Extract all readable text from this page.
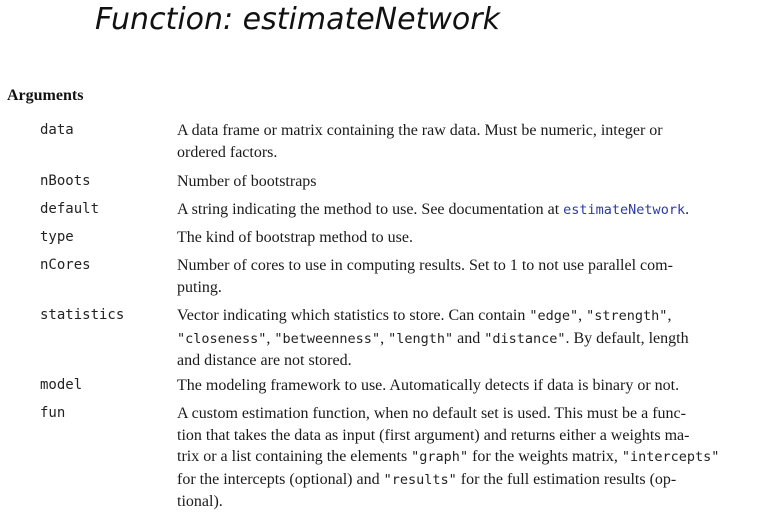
Function: estimateNetwork
Arguments
data	A data frame or matrix containing the raw data. Must be numeric, integer or
ordered factors.
nBoots	Number of bootstraps
default	A string indicating the method to use. See documentation at estimateNetwork.
type	The kind of bootstrap method to use.
nCores	Number of cores to use in computing results. Set to 1 to not use parallel com-
puting.
statistics	Vector indicating which statistics to store. Can contain "edge", "strength",
"closeness", "betweenness", "length" and "distance". By default, length
and distance are not stored.
model	The modeling framework to use. Automatically detects if data is binary or not.
fun	A custom estimation function, when no default set is used. This must be a func-
tion that takes the data as input (first argument) and returns either a weights ma-
trix or a list containing the elements "graph" for the weights matrix, "intercepts"
for the intercepts (optional) and "results" for the full estimation results (op-
tional).
